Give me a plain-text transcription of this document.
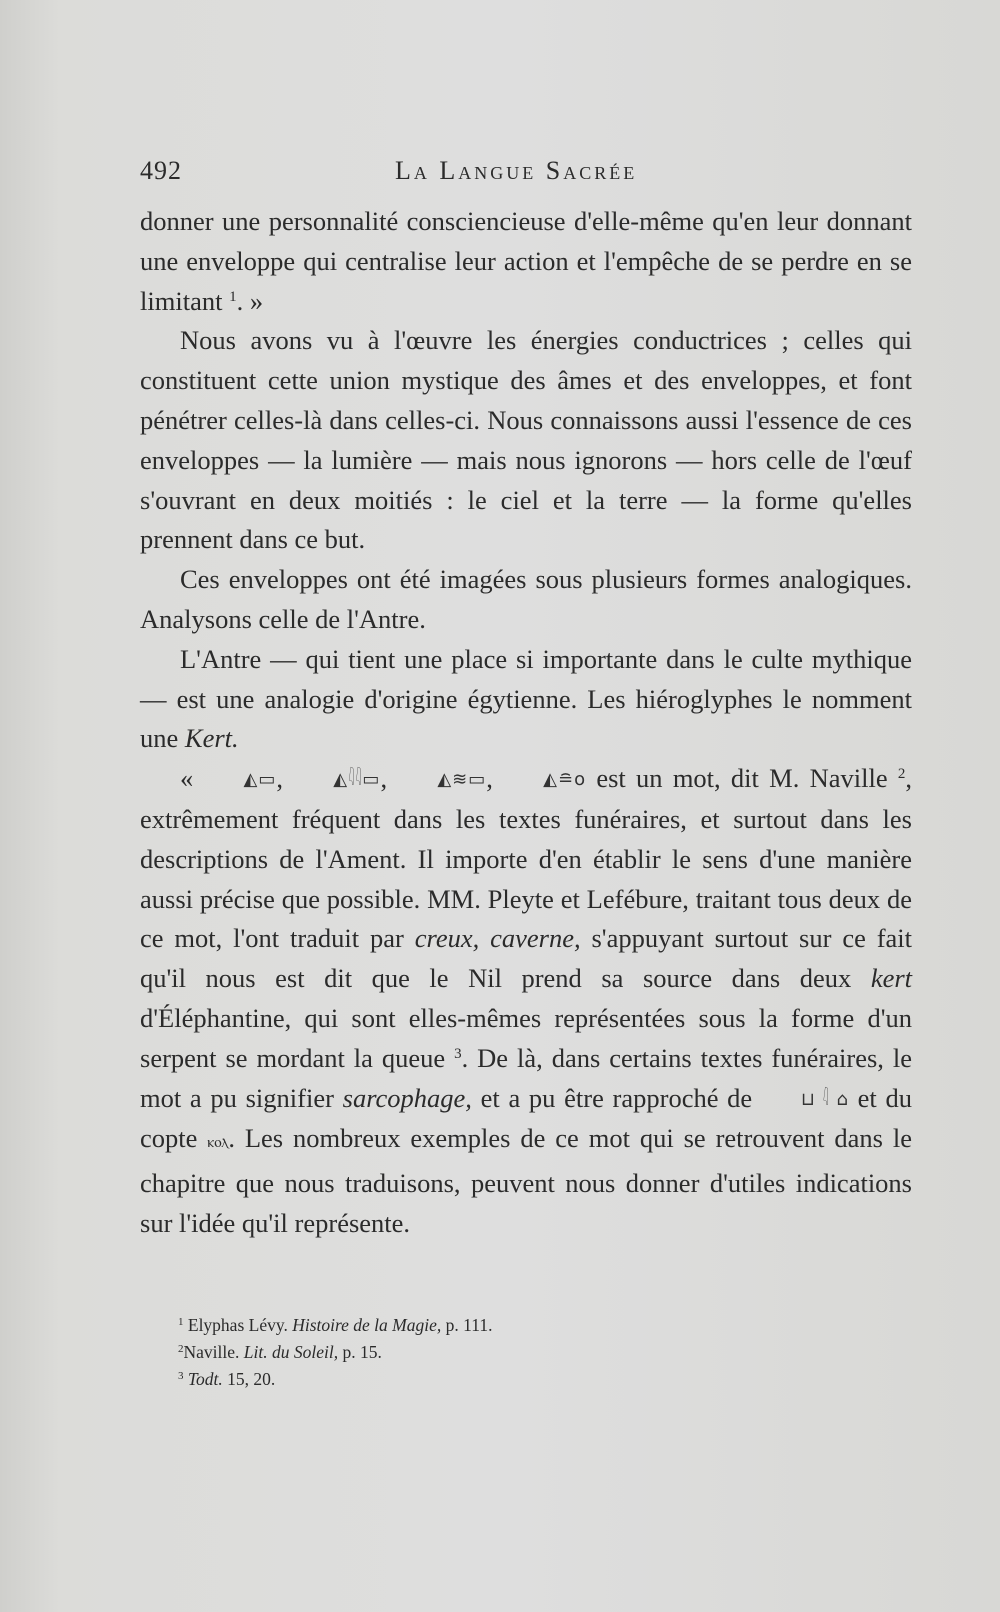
492	La Langue Sacrée

donner une personnalité consciencieuse d'elle-même qu'en leur donnant une enveloppe qui centralise leur action et l'empêche de se perdre en se limitant $^1$. »

Nous avons vu à l'œuvre les énergies conductrices ; celles qui constituent cette union mystique des âmes et des enveloppes, et font pénétrer celles-là dans celles-ci. Nous connaissons aussi l'essence de ces enveloppes — la lumière — mais nous ignorons — hors celle de l'œuf s'ouvrant en deux moitiés : le ciel et la terre — la forme qu'elles prennent dans ce but.

Ces enveloppes ont été imagées sous plusieurs formes analogiques. Analysons celle de l'Antre.

L'Antre — qui tient une place si importante dans le culte mythique — est une analogie d'origine égytienne. Les hiéroglyphes le nomment une Kert.

«	◭▭, ◭𓇋𓇋▭, ◭≋▭, ◭≘o est un mot, dit M. Naville $^2$, extrêmement fréquent dans les textes funéraires, et surtout dans les descriptions de l'Ament. Il importe d'en établir le sens d'une manière aussi précise que possible. MM. Pleyte et Lefébure, traitant tous deux de ce mot, l'ont traduit par creux, caverne, s'appuyant surtout sur ce fait qu'il nous est dit que le Nil prend sa source dans deux kert d'Éléphantine, qui sont elles-mêmes représentées sous la forme d'un serpent se mordant la queue $^3$. De là, dans certains textes funéraires, le mot a pu signifier sarcophage, et a pu être rapproché de	⊔ 𓇋 ⌂ et du copte ⲕⲟⲗ. Les nombreux exemples de ce mot qui se retrouvent dans le chapitre que nous traduisons, peuvent nous donner d'utiles indications sur l'idée qu'il représente.

$^1$ Elyphas Lévy. Histoire de la Magie, p. 111.
$^2$Naville. Lit. du Soleil, p. 15.
$^3$ Todt. 15, 20.
